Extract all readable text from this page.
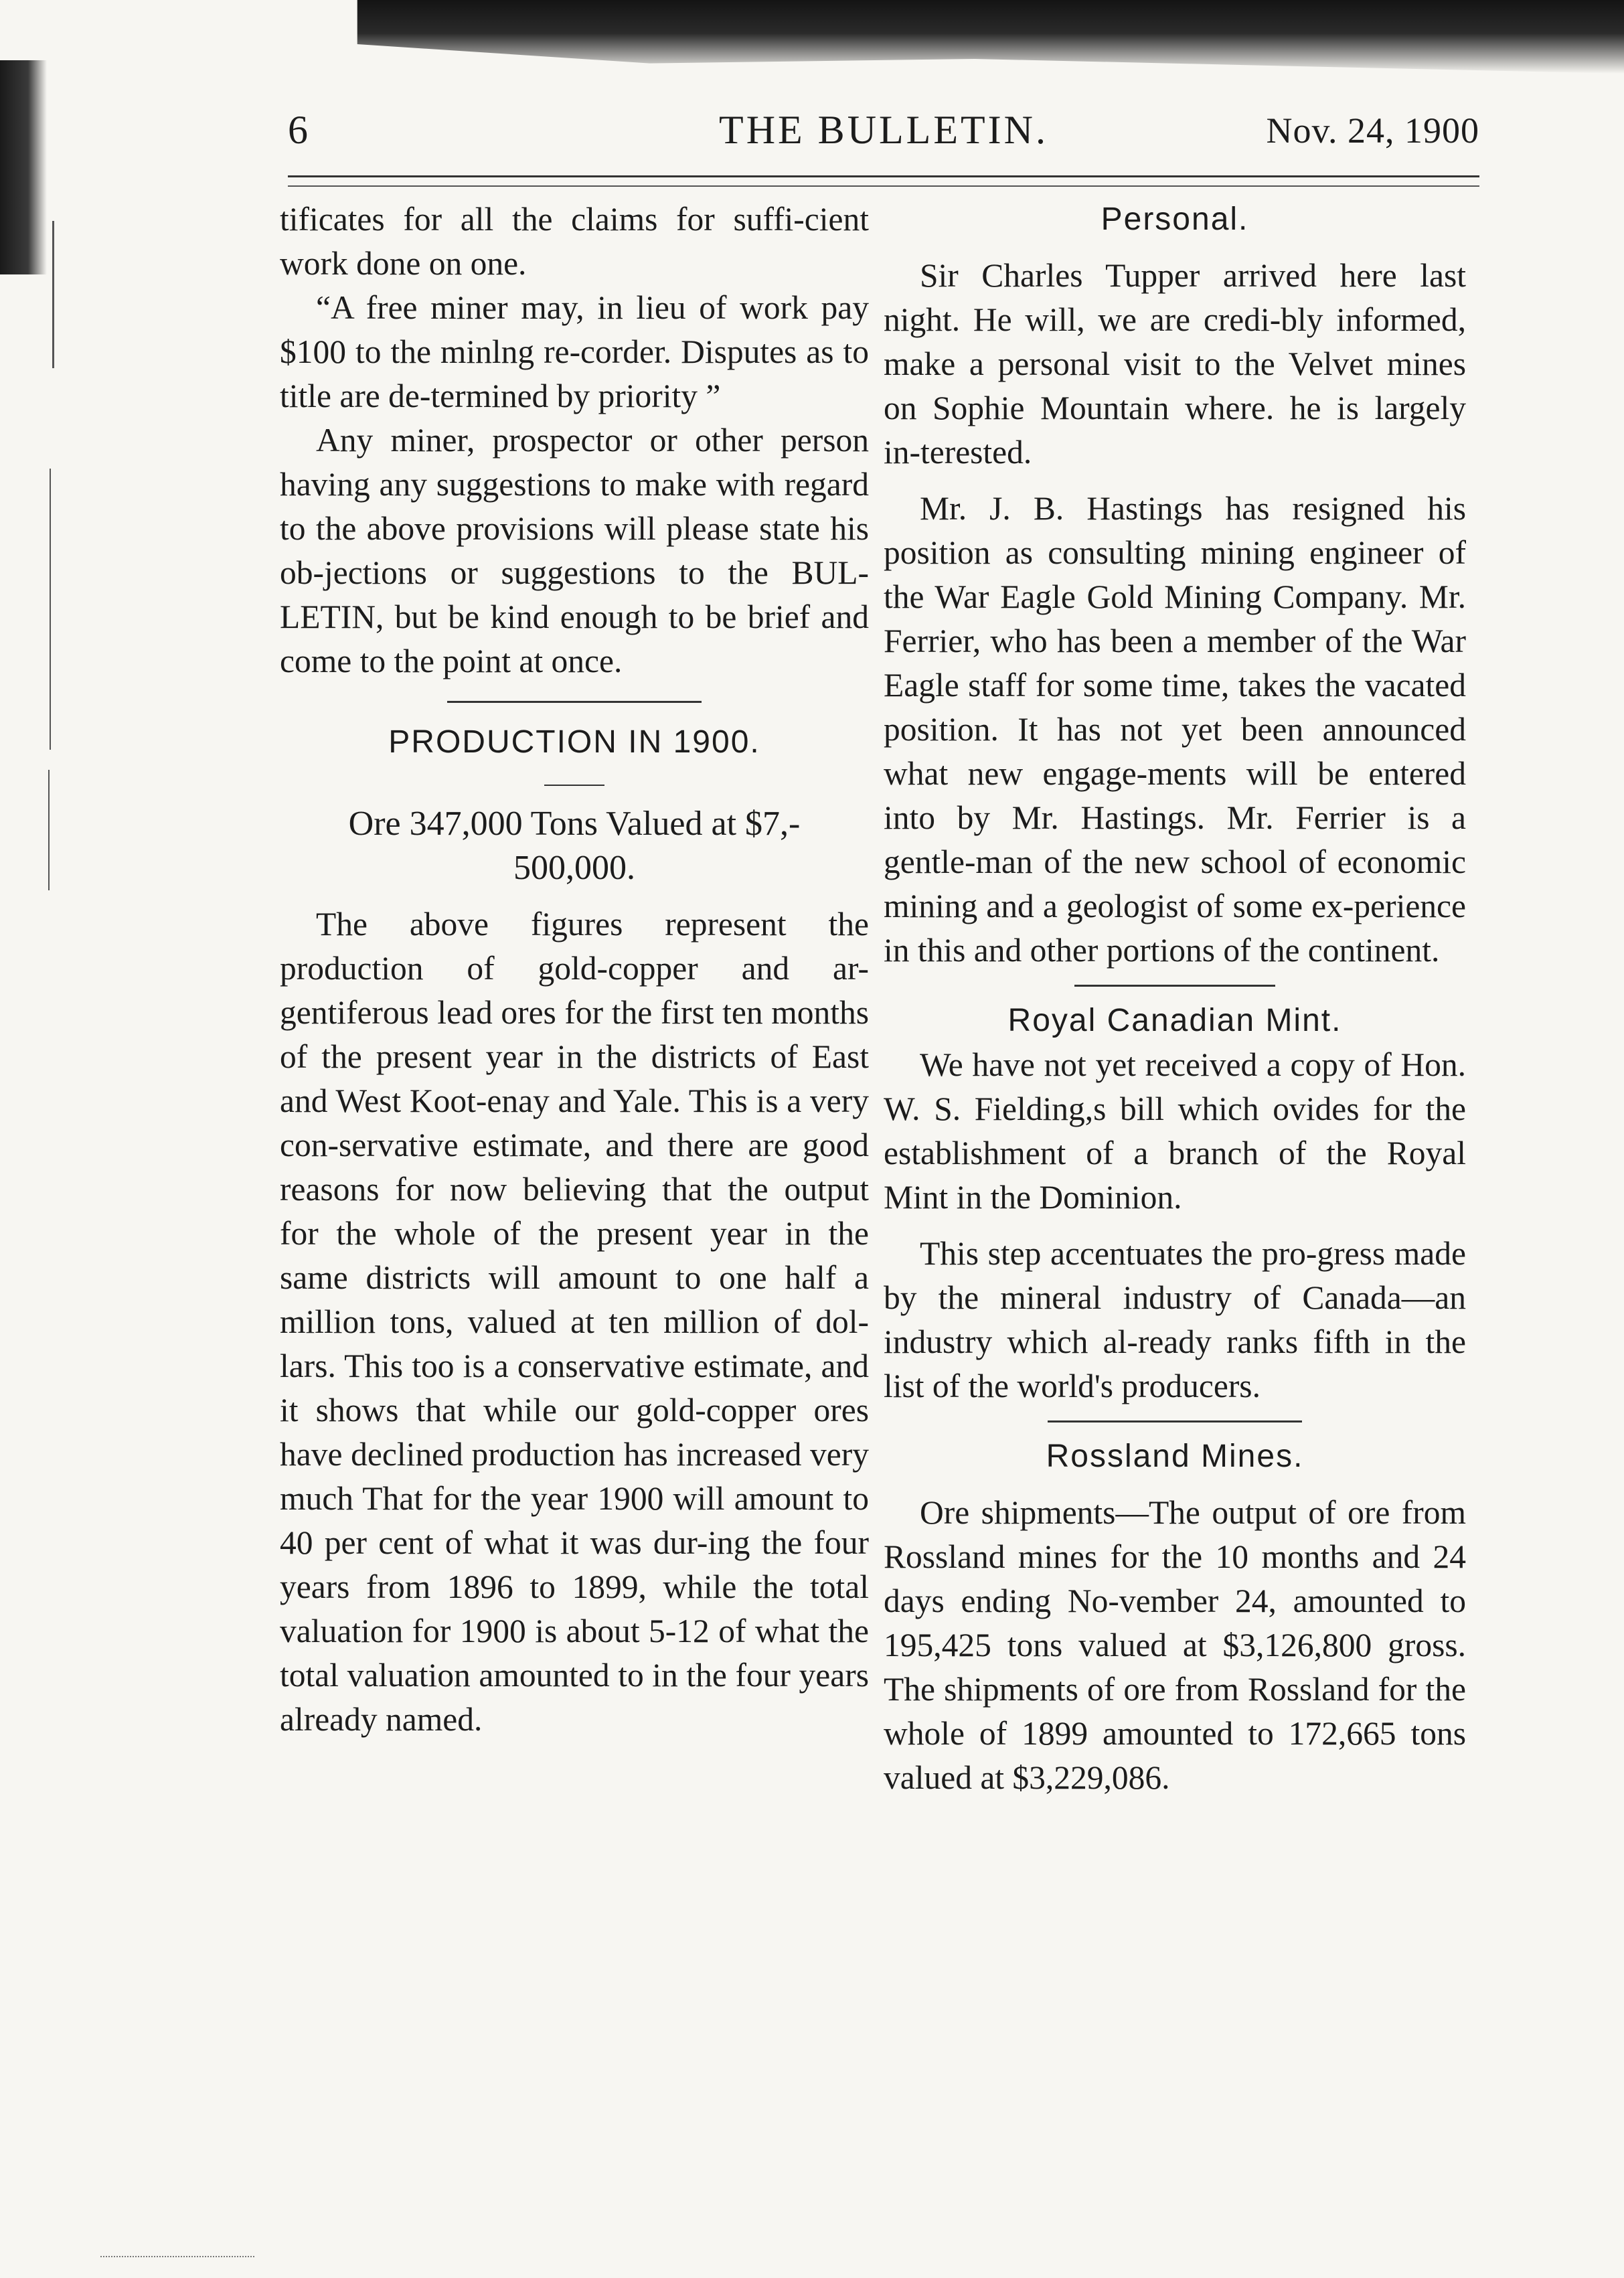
6	THE BULLETIN.	Nov. 24, 1900

tificates for all the claims for suffi-cient work done on one.

“A free miner may, in lieu of work pay $100 to the minlng re-corder. Disputes as to title are de-termined by priority ”

Any miner, prospector or other person having any suggestions to make with regard to the above provisions will please state his ob-jections or suggestions to the BUL-LETIN, but be kind enough to be brief and come to the point at once.

PRODUCTION IN 1900.

Ore 347,000 Tons Valued at $7,-

500,000.

The above figures represent the production of gold-copper and ar-gentiferous lead ores for the first ten months of the present year in the districts of East and West Koot-enay and Yale. This is a very con-servative estimate, and there are good reasons for now believing that the output for the whole of the present year in the same districts will amount to one half a million tons, valued at ten million of dol-lars. This too is a conservative estimate, and it shows that while our gold-copper ores have declined production has increased very much That for the year 1900 will amount to 40 per cent of what it was dur-ing the four years from 1896 to 1899, while the total valuation for 1900 is about 5-12 of what the total valuation amounted to in the four years already named.

Personal.

Sir Charles Tupper arrived here last night. He will, we are credi-bly informed, make a personal visit to the Velvet mines on Sophie Mountain where. he is largely in-terested.

Mr. J. B. Hastings has resigned his position as consulting mining engineer of the War Eagle Gold Mining Company. Mr. Ferrier, who has been a member of the War Eagle staff for some time, takes the vacated position. It has not yet been announced what new engage-ments will be entered into by Mr. Hastings. Mr. Ferrier is a gentle-man of the new school of economic mining and a geologist of some ex-perience in this and other portions of the continent.

Royal Canadian Mint.

We have not yet received a copy of Hon. W. S. Fielding,s bill which ovides for the establishment of a branch of the Royal Mint in the Dominion.

This step accentuates the pro-gress made by the mineral industry of Canada—an industry which al-ready ranks fifth in the list of the world's producers.

Rossland Mines.

Ore shipments—The output of ore from Rossland mines for the 10 months and 24 days ending No-vember 24, amounted to 195,425 tons valued at $3,126,800 gross. The shipments of ore from Rossland for the whole of 1899 amounted to 172,665 tons valued at $3,229,086.
